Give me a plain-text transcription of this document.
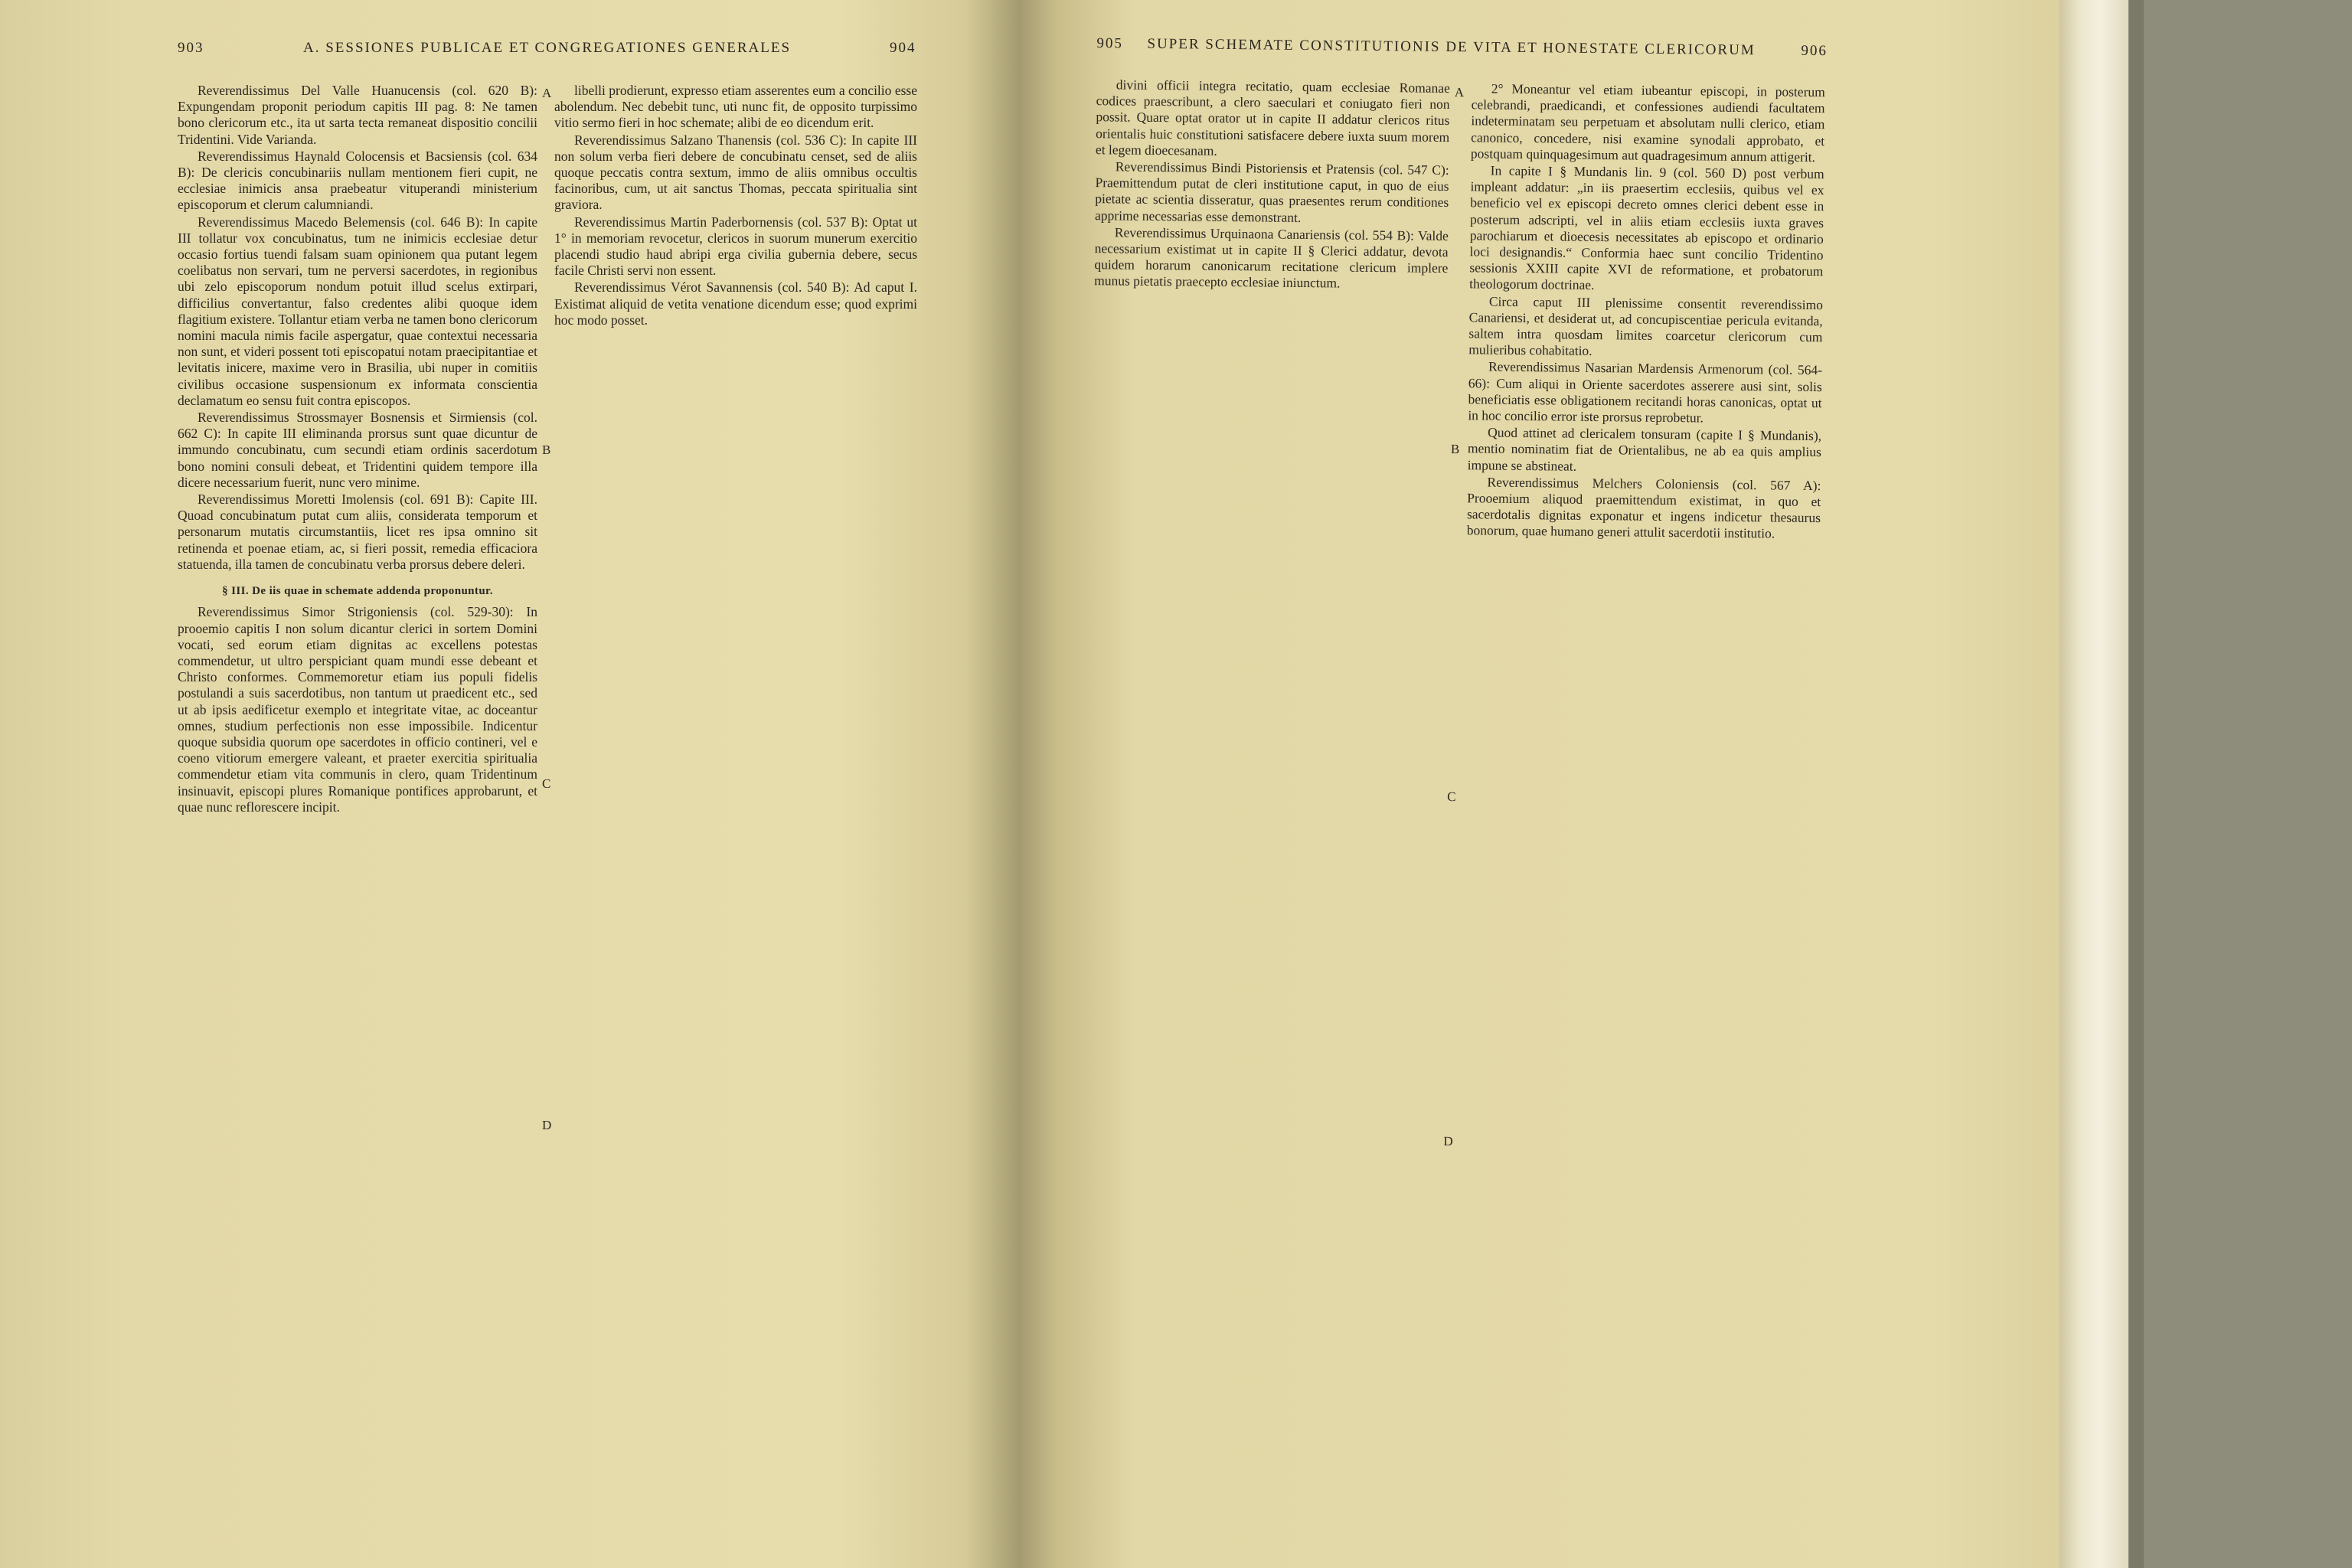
903	A. SESSIONES PUBLICAE ET CONGREGATIONES GENERALES	904

Reverendissimus Del Valle Huanucensis (col. 620 B): Expungendam proponit periodum capitis III pag. 8: Ne tamen bono clericorum etc., ita ut sarta tecta remaneat dispositio concilii Tridentini. Vide Varianda.

Reverendissimus Haynald Colocensis et Bacsiensis (col. 634 B): De clericis concubinariis nullam mentionem fieri cupit, ne ecclesiae inimicis ansa praebeatur vituperandi ministerium episcoporum et clerum calumniandi.

Reverendissimus Macedo Belemensis (col. 646 B): In capite III tollatur vox concubinatus, tum ne inimicis ecclesiae detur occasio fortius tuendi falsam suam opinionem qua putant legem coelibatus non servari, tum ne perversi sacerdotes, in regionibus ubi zelo episcoporum nondum potuit illud scelus extirpari, difficilius convertantur, falso credentes alibi quoque idem flagitium existere. Tollantur etiam verba ne tamen bono clericorum nomini macula nimis facile aspergatur, quae contextui necessaria non sunt, et videri possent toti episcopatui notam praecipitantiae et levitatis inicere, maxime vero in Brasilia, ubi nuper in comitiis civilibus occasione suspensionum ex informata conscientia declamatum eo sensu fuit contra episcopos.

Reverendissimus Strossmayer Bosnensis et Sirmiensis (col. 662 C): In capite III eliminanda prorsus sunt quae dicuntur de immundo concubinatu, cum secundi etiam ordinis sacerdotum bono nomini consuli debeat, et Tridentini quidem tempore illa dicere necessarium fuerit, nunc vero minime.

Reverendissimus Moretti Imolensis (col. 691 B): Capite III. Quoad concubinatum putat cum aliis, considerata temporum et personarum mutatis circumstantiis, licet res ipsa omnino sit retinenda et poenae etiam, ac, si fieri possit, remedia efficaciora statuenda, illa tamen de concubinatu verba prorsus debere deleri.

§ III. De iis quae in schemate addenda proponuntur.

Reverendissimus Simor Strigoniensis (col. 529-30): In prooemio capitis I non solum dicantur clerici in sortem Domini vocati, sed eorum etiam dignitas ac excellens potestas commendetur, ut ultro perspiciant quam mundi esse debeant et Christo conformes. Commemoretur etiam ius populi fidelis postulandi a suis sacerdotibus, non tantum ut praedicent etc., sed ut ab ipsis aedificetur exemplo et integritate vitae, ac doceantur omnes, studium perfectionis non esse impossibile. Indicentur quoque subsidia quorum ope sacerdotes in officio contineri, vel e coeno vitiorum emergere valeant, et praeter exercitia spiritualia commendetur etiam vita communis in clero, quam Tridentinum insinuavit, episcopi plures Romanique pontifices approbarunt, et quae nunc reflorescere incipit.

A
B
C
D

libelli prodierunt, expresso etiam asserentes eum a concilio esse abolendum. Nec debebit tunc, uti nunc fit, de opposito turpissimo vitio sermo fieri in hoc schemate; alibi de eo dicendum erit.

Reverendissimus Salzano Thanensis (col. 536 C): In capite III non solum verba fieri debere de concubinatu censet, sed de aliis quoque peccatis contra sextum, immo de aliis omnibus occultis facinoribus, cum, ut ait sanctus Thomas, peccata spiritualia sint graviora.

Reverendissimus Martin Paderbornensis (col. 537 B): Optat ut 1° in memoriam revocetur, clericos in suorum munerum exercitio placendi studio haud abripi erga civilia gubernia debere, secus facile Christi servi non essent.

Reverendissimus Vérot Savannensis (col. 540 B): Ad caput I. Existimat aliquid de vetita venatione dicendum esse; quod exprimi hoc modo posset.

905 SUPER SCHEMATE CONSTITUTIONIS DE VITA ET HONESTATE CLERICORUM	906

divini officii integra recitatio, quam ecclesiae Romanae codices praescribunt, a clero saeculari et coniugato fieri non possit. Quare optat orator ut in capite II addatur clericos ritus orientalis huic constitutioni satisfacere debere iuxta suum morem et legem dioecesanam.

Reverendissimus Bindi Pistoriensis et Pratensis (col. 547 C): Praemittendum putat de cleri institutione caput, in quo de eius pietate ac scientia disseratur, quas praesentes rerum conditiones apprime necessarias esse demonstrant.

Reverendissimus Urquinaona Canariensis (col. 554 B): Valde necessarium existimat ut in capite II § Clerici addatur, devota quidem horarum canonicarum recitatione clericum implere munus pietatis praecepto ecclesiae iniunctum.

A
B
C
D

2° Moneantur vel etiam iubeantur episcopi, in posterum celebrandi, praedicandi, et confessiones audiendi facultatem indeterminatam seu perpetuam et absolutam nulli clerico, etiam canonico, concedere, nisi examine synodali approbato, et postquam quinquagesimum aut quadragesimum annum attigerit.

In capite I § Mundanis lin. 9 (col. 560 D) post verbum impleant addatur: „in iis praesertim ecclesiis, quibus vel ex beneficio vel ex episcopi decreto omnes clerici debent esse in posterum adscripti, vel in aliis etiam ecclesiis iuxta graves parochiarum et dioecesis necessitates ab episcopo et ordinario loci designandis.“ Conformia haec sunt concilio Tridentino sessionis XXIII capite XVI de reformatione, et probatorum theologorum doctrinae.

Circa caput III plenissime consentit reverendissimo Canariensi, et desiderat ut, ad concupiscentiae pericula evitanda, saltem intra quosdam limites coarcetur clericorum cum mulieribus cohabitatio.

Reverendissimus Nasarian Mardensis Armenorum (col. 564-66): Cum aliqui in Oriente sacerdotes asserere ausi sint, solis beneficiatis esse obligationem recitandi horas canonicas, optat ut in hoc concilio error iste prorsus reprobetur.

Quod attinet ad clericalem tonsuram (capite I § Mundanis), mentio nominatim fiat de Orientalibus, ne ab ea quis amplius impune se abstineat.

Reverendissimus Melchers Coloniensis (col. 567 A): Prooemium aliquod praemittendum existimat, in quo et sacerdotalis dignitas exponatur et ingens indicetur thesaurus bonorum, quae humano generi attulit sacerdotii institutio.
